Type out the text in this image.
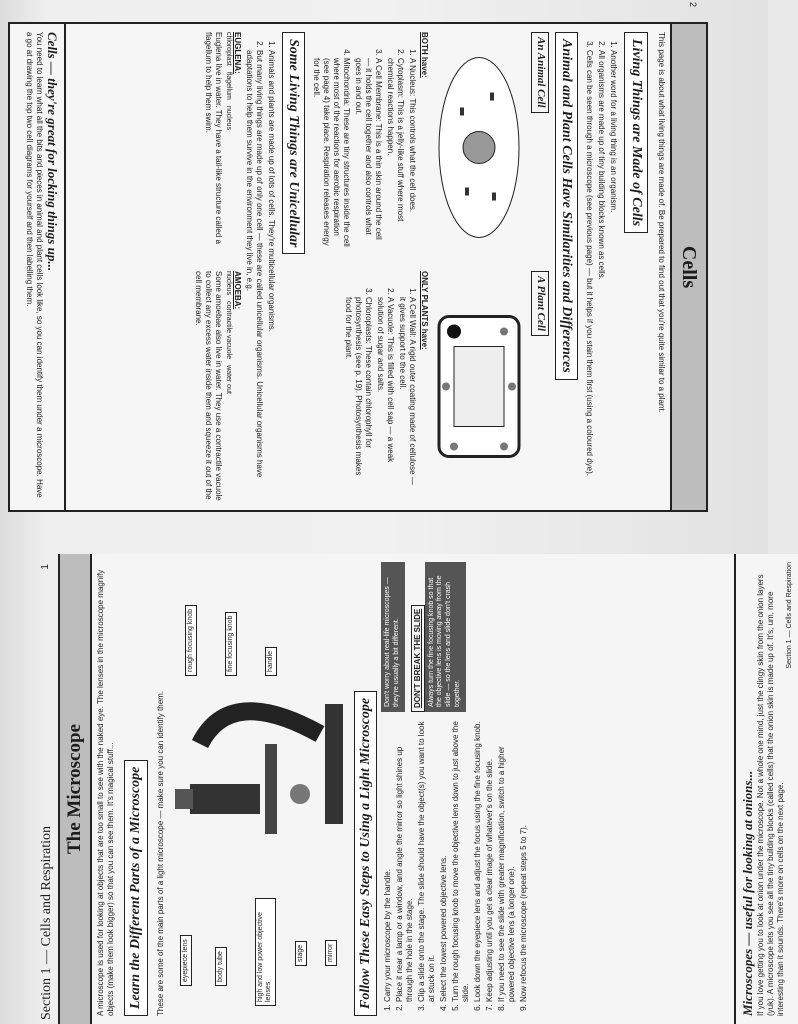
2
Cells
This page is about what living things are made of. Be prepared to find out that you're quite similar to a plant.
Living Things are Made of Cells
1. Another word for a living thing is an organism.
2. All organisms are made up of tiny building blocks known as cells.
3. Cells can be seen through a microscope (see previous page) — but it helps if you stain them first (using a coloured dye).
Animal and Plant Cells Have Similarities and Differences
An Animal Cell
BOTH have:
1. A Nucleus: This controls what the cell does.
2. Cytoplasm: This is a jelly-like stuff where most chemical reactions happen.
3. A Cell Membrane: This is a thin skin around the cell — it holds the cell together and also controls what goes in and out.
4. Mitochondria: These are tiny structures inside the cell where most of the reactions for aerobic respiration (see page 4) take place. Respiration releases energy for the cell.
A Plant Cell
ONLY PLANTS have:
1. A Cell Wall: A rigid outer coating made of cellulose — it gives support to the cell.
2. A Vacuole: This is filled with cell sap — a weak solution of sugar and salts.
3. Chloroplasts: These contain chlorophyll for photosynthesis (see p. 19). Photosynthesis makes food for the plant.
Some Living Things are Unicellular
1. Animals and plants are made up of lots of cells. They're multicellular organisms.
2. But many living things are made up of only one cell — these are called unicellular organisms. Unicellular organisms have adaptations to help them survive in the environment they live in, e.g.
EUGLENA:
chloroplast
flagellum
nucleus
Euglena live in water. They have a tail-like structure called a flagellum to help them swim.
AMOEBA:
nucleus
contractile vacuole
water out
Some amoebae also live in water. They use a contractile vacuole to collect any excess water inside them and squeeze it out of the cell membrane.
Cells — they're great for locking things up...
You need to learn what all the bits and pieces in animal and plant cells look like, so you can identify them under a microscope. Have a go at drawing the top two cell diagrams for yourself and then labelling them.
Section 1 — Cells and Respiration
1
The Microscope	A microscope is used for looking at objects that are too small to see with the naked eye. The lenses in the microscope magnify objects (make them look bigger) so that you can see them. It's magical stuff... Learn the Different Parts of a Microscope	These are some of the main parts of a light microscope — make sure you can identify them.	eyepiece lens	body tube	high and low power objective lenses
stage	mirror
rough focusing knob	fine focusing knob	handle
Follow These Easy Steps to Using a Light Microscope 1. Carry your microscope by the handle. 2. Place it near a lamp or a window, and angle the mirror so light shines up through the hole in the stage. 3. Clip a slide onto the stage. The slide should have the object(s) you want to look at stuck on it. 4. Select the lowest powered objective lens. 5. Turn the rough focusing knob to move the objective lens down to just above the slide. 6. Look down the eyepiece lens and adjust the focus using the fine focusing knob. 7. Keep adjusting until you get a clear image of whatever's on the slide. 8. If you need to see the slide with greater magnification, switch to a higher powered objective lens (a longer one). 9. Now refocus the microscope (repeat steps 5 to 7).
Don't worry about real-life microscopes — they're usually a bit different.	DON'T BREAK THE SLIDE Always turn the fine focusing knob so that the objective lens is moving away from the slide — so the lens and slide don't crash together.
Microscopes — useful for looking at onions... If you love getting you to look at onion under the microscope. Not a whole one mind, just the clingy skin from the onion layers (yuk). A microscope lets you see all the tiny building blocks (called cells) that the onion skin is made up of. It's, um, more interesting than it sounds. There's more on cells on the next page.
Section 1 — Cells and Respiration
